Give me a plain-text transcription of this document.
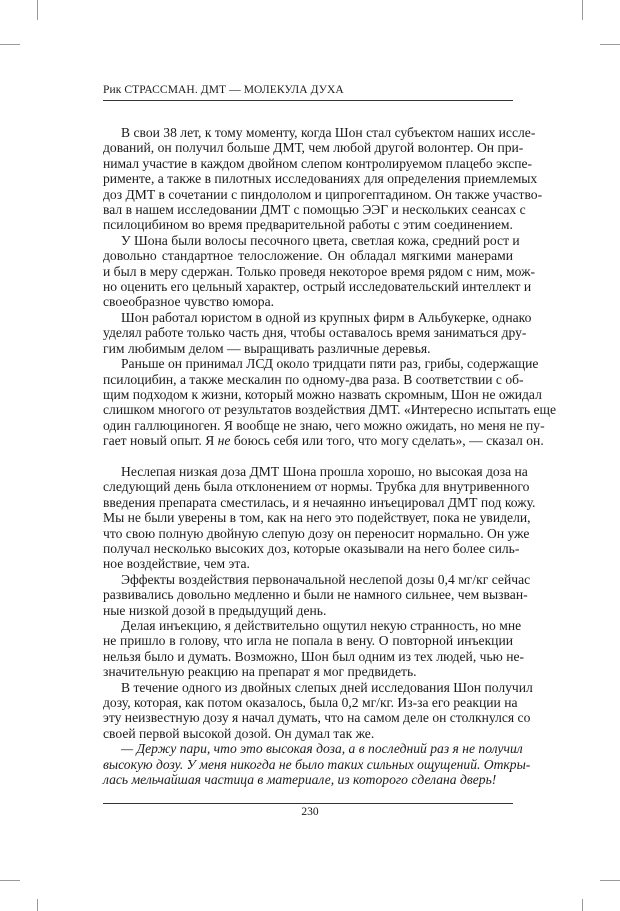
Рик СТРАССМАН. ДМТ — МОЛЕКУЛА ДУХА
В свои 38 лет, к тому моменту, когда Шон стал субъектом наших иссле-
дований, он получил больше ДМТ, чем любой другой волонтер. Он при-
нимал участие в каждом двойном слепом контролируемом плацебо экспе-
рименте, а также в пилотных исследованиях для определения приемлемых
доз ДМТ в сочетании с пиндололом и ципрогептадином. Он также участво-
вал в нашем исследовании ДМТ с помощью ЭЭГ и нескольких сеансах с
псилоцибином во время предварительной работы с этим соединением.
У Шона были волосы песочного цвета, светлая кожа, средний рост и
довольно стандартное телосложение. Он обладал мягкими манерами
и был в меру сдержан. Только проведя некоторое время рядом с ним, мож-
но оценить его цельный характер, острый исследовательский интеллект и
своеобразное чувство юмора.
Шон работал юристом в одной из крупных фирм в Альбукерке, однако
уделял работе только часть дня, чтобы оставалось время заниматься дру-
гим любимым делом — выращивать различные деревья.
Раньше он принимал ЛСД около тридцати пяти раз, грибы, содержащие
псилоцибин, а также мескалин по одному-два раза. В соответствии с об-
щим подходом к жизни, который можно назвать скромным, Шон не ожидал
слишком многого от результатов воздействия ДМТ. «Интересно испытать еще
один галлюциноген. Я вообще не знаю, чего можно ожидать, но меня не пу-
гает новый опыт. Я не боюсь себя или того, что могу сделать», — сказал он.
Неслепая низкая доза ДМТ Шона прошла хорошо, но высокая доза на
следующий день была отклонением от нормы. Трубка для внутривенного
введения препарата сместилась, и я нечаянно инъецировал ДМТ под кожу.
Мы не были уверены в том, как на него это подействует, пока не увидели,
что свою полную двойную слепую дозу он переносит нормально. Он уже
получал несколько высоких доз, которые оказывали на него более силь-
ное воздействие, чем эта.
Эффекты воздействия первоначальной неслепой дозы 0,4 мг/кг сейчас
развивались довольно медленно и были не намного сильнее, чем вызван-
ные низкой дозой в предыдущий день.
Делая инъекцию, я действительно ощутил некую странность, но мне
не пришло в голову, что игла не попала в вену. О повторной инъекции
нельзя было и думать. Возможно, Шон был одним из тех людей, чью не-
значительную реакцию на препарат я мог предвидеть.
В течение одного из двойных слепых дней исследования Шон получил
дозу, которая, как потом оказалось, была 0,2 мг/кг. Из-за его реакции на
эту неизвестную дозу я начал думать, что на самом деле он столкнулся со
своей первой высокой дозой. Он думал так же.
— Держу пари, что это высокая доза, а в последний раз я не получил
высокую дозу. У меня никогда не было таких сильных ощущений. Откры-
лась мельчайшая частица в материале, из которого сделана дверь!
230
